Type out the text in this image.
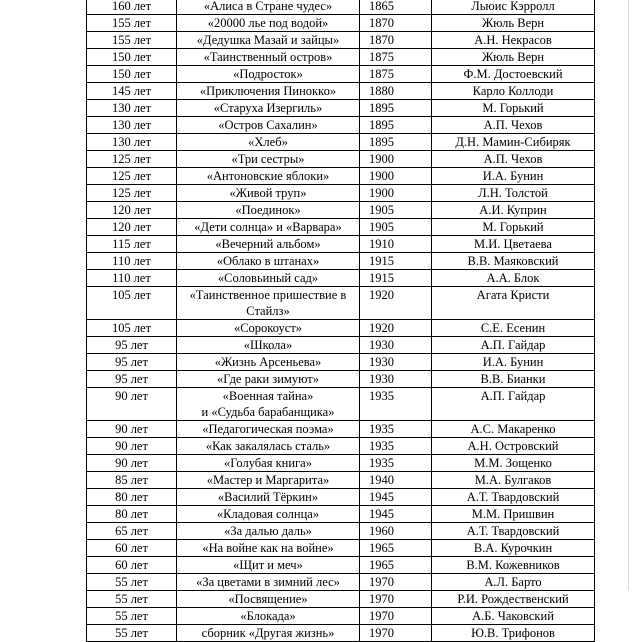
160 лет	«Алиса в Стране чудес»	1865	Льюис Кэрролл
155 лет	«20000 лье под водой»	1870	Жюль Верн
155 лет	«Дедушка Мазай и зайцы»	1870	А.Н. Некрасов
150 лет	«Таинственный остров»	1875	Жюль Верн
150 лет	«Подросток»	1875	Ф.М. Достоевский
145 лет	«Приключения Пинокко»	1880	Карло Коллоди
130 лет	«Старуха Изергиль»	1895	М. Горький
130 лет	«Остров Сахалин»	1895	А.П. Чехов
130 лет	«Хлеб»	1895	Д.Н. Мамин-Сибиряк
125 лет	«Три сестры»	1900	А.П. Чехов
125 лет	«Антоновские яблоки»	1900	И.А. Бунин
125 лет	«Живой труп»	1900	Л.Н. Толстой
120 лет	«Поединок»	1905	А.И. Куприн
120 лет	«Дети солнца» и «Варвара»	1905	М. Горький
115 лет	«Вечерний альбом»	1910	М.И. Цветаева
110 лет	«Облако в штанах»	1915	В.В. Маяковский
110 лет	«Соловьиный сад»	1915	А.А. Блок
105 лет	«Таинственное пришествие в
Стайлз»	1920	Агата Кристи
105 лет	«Сорокоуст»	1920	С.Е. Есенин
95 лет	«Школа»	1930	А.П. Гайдар
95 лет	«Жизнь Арсеньева»	1930	И.А. Бунин
95 лет	«Где раки зимуют»	1930	В.В. Бианки
90 лет	«Военная тайна»
и «Судьба барабанщика»	1935	А.П. Гайдар
90 лет	«Педагогическая поэма»	1935	А.С. Макаренко
90 лет	«Как закалялась сталь»	1935	А.Н. Островский
90 лет	«Голубая книга»	1935	М.М. Зощенко
85 лет	«Мастер и Маргарита»	1940	М.А. Булгаков
80 лет	«Василий Тёркин»	1945	А.Т. Твардовский
80 лет	«Кладовая солнца»	1945	М.М. Пришвин
65 лет	«За далью даль»	1960	А.Т. Твардовский
60 лет	«На войне как на войне»	1965	В.А. Курочкин
60 лет	«Щит и меч»	1965	В.М. Кожевников
55 лет	«За цветами в зимний лес»	1970	А.Л. Барто
55 лет	«Посвящение»	1970	Р.И. Рождественский
55 лет	«Блокада»	1970	А.Б. Чаковский
55 лет	сборник «Другая жизнь»	1970	Ю.В. Трифонов
